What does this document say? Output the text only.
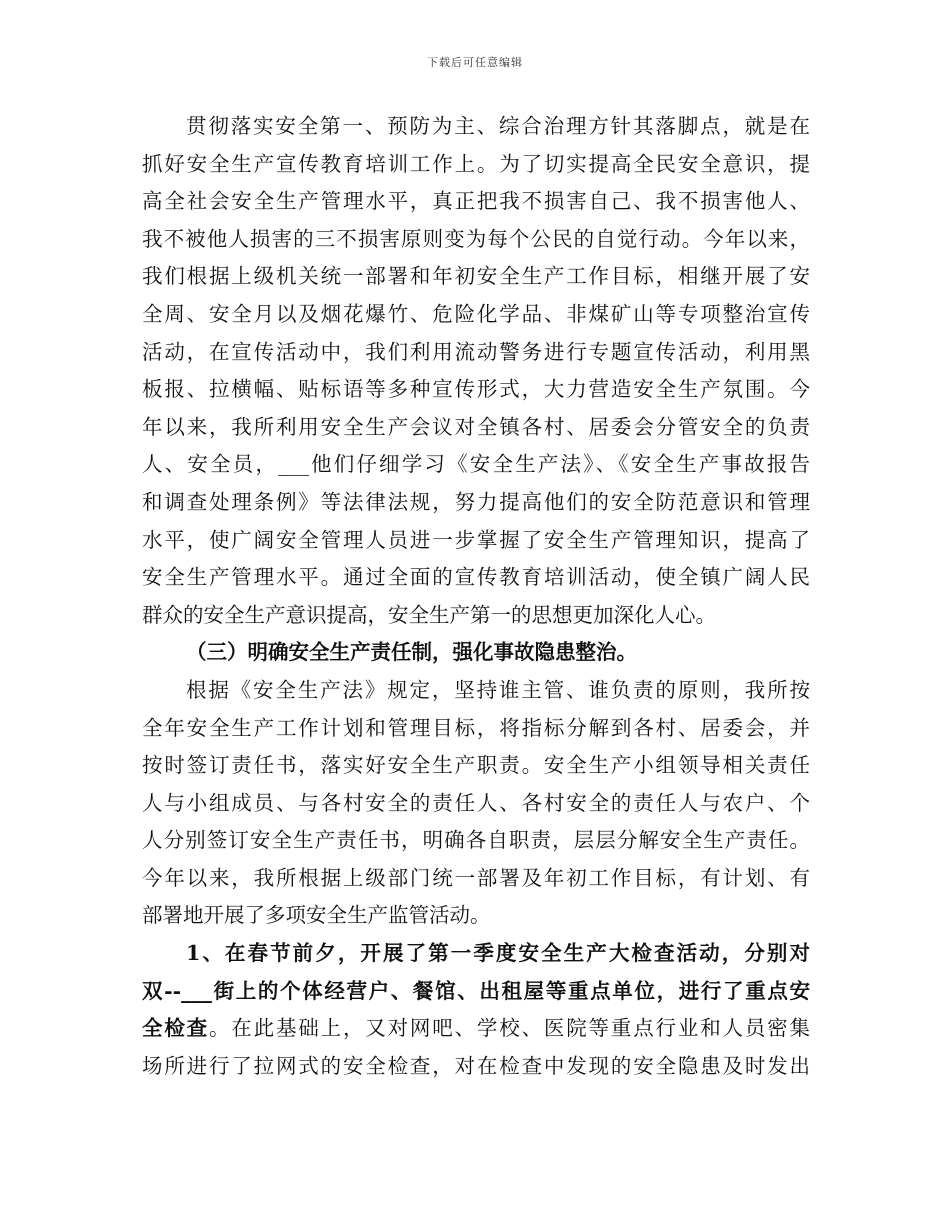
下载后可任意编辑
贯彻落实安全第一、预防为主、综合治理方针其落脚点，就是在
抓好安全生产宣传教育培训工作上。为了切实提高全民安全意识，提
高全社会安全生产管理水平，真正把我不损害自己、我不损害他人、
我不被他人损害的三不损害原则变为每个公民的自觉行动。今年以来，
我们根据上级机关统一部署和年初安全生产工作目标，相继开展了安
全周、安全月以及烟花爆竹、危险化学品、非煤矿山等专项整治宣传
活动，在宣传活动中，我们利用流动警务进行专题宣传活动，利用黑
板报、拉横幅、贴标语等多种宣传形式，大力营造安全生产氛围。今
年以来，我所利用安全生产会议对全镇各村、居委会分管安全的负责
人、安全员，___他们仔细学习《安全生产法》、《安全生产事故报告
和调查处理条例》等法律法规，努力提高他们的安全防范意识和管理
水平，使广阔安全管理人员进一步掌握了安全生产管理知识，提高了
安全生产管理水平。通过全面的宣传教育培训活动，使全镇广阔人民
群众的安全生产意识提高，安全生产第一的思想更加深化人心。
（三）明确安全生产责任制，强化事故隐患整治。
根据《安全生产法》规定，坚持谁主管、谁负责的原则，我所按
全年安全生产工作计划和管理目标，将指标分解到各村、居委会，并
按时签订责任书，落实好安全生产职责。安全生产小组领导相关责任
人与小组成员、与各村安全的责任人、各村安全的责任人与农户、个
人分别签订安全生产责任书，明确各自职责，层层分解安全生产责任。
今年以来，我所根据上级部门统一部署及年初工作目标，有计划、有
部署地开展了多项安全生产监管活动。
1、在春节前夕，开展了第一季度安全生产大检查活动，分别对
双--___街上的个体经营户、餐馆、出租屋等重点单位，进行了重点安
全检查。在此基础上，又对网吧、学校、医院等重点行业和人员密集
场所进行了拉网式的安全检查，对在检查中发现的安全隐患及时发出
